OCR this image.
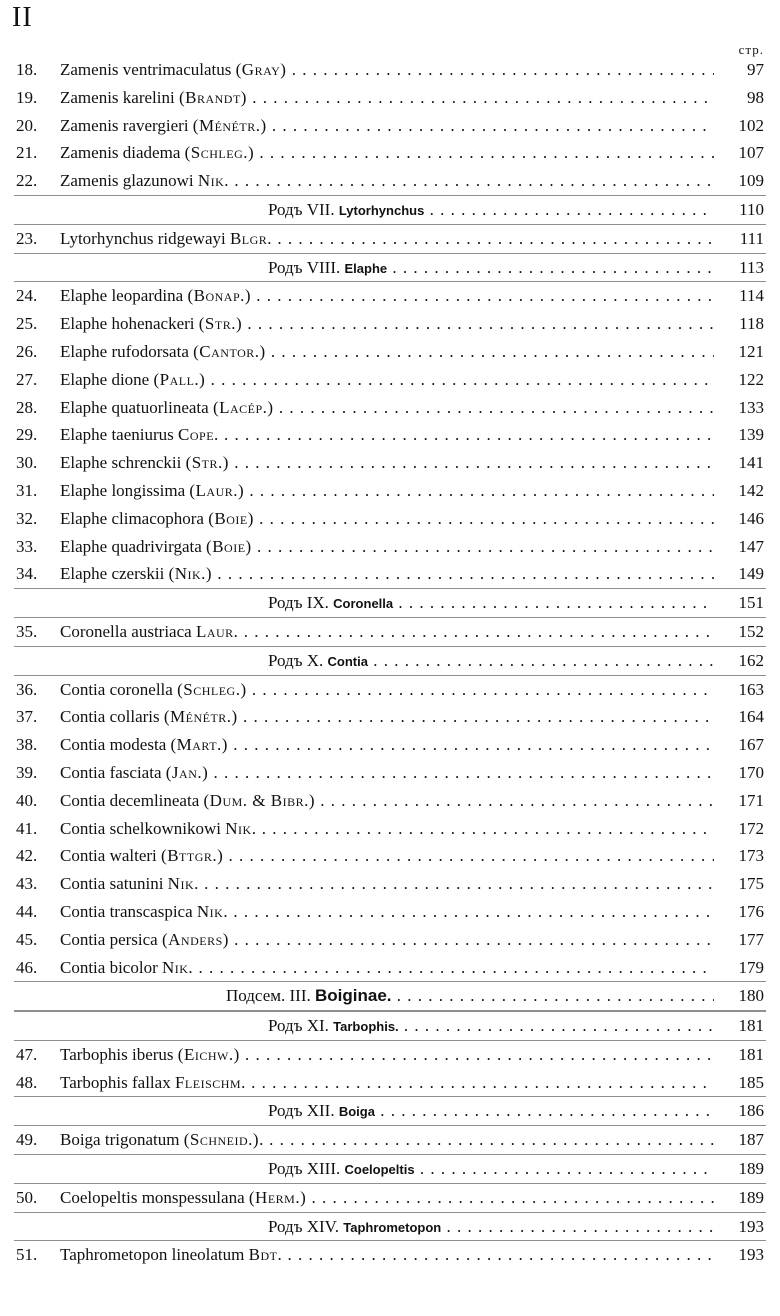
II
стр.
18. Zamenis ventrimaculatus (Gray) . . .	97
19. Zamenis karelini (Brandt) . . .	98
20. Zamenis ravergieri (Ménétr.) . . .	102
21. Zamenis diadema (Schleg.) . . .	107
22. Zamenis glazunowi Nik. . . .	109
Родъ VII. Lytorhynchus . . .	110
23. Lytorhynchus ridgewayi Blgr. . . .	111
Родъ VIII. Elaphe . . .	113
24. Elaphe leopardina (Bonap.) . . .	114
25. Elaphe hohenackeri (Str.) . . .	118
26. Elaphe rufodorsata (Cantor.) . . .	121
27. Elaphe dione (Pall.) . . .	122
28. Elaphe quatuorlineata (Lacép.) . . .	133
29. Elaphe taeniurus Cope. . . .	139
30. Elaphe schrenckii (Str.) . . .	141
31. Elaphe longissima (Laur.) . . .	142
32. Elaphe climacophora (Boie) . . .	146
33. Elaphe quadrivirgata (Boie) . . .	147
34. Elaphe czerskii (Nik.) . . .	149
Родъ IX. Coronella . . .	151
35. Coronella austriaca Laur. . . .	152
Родъ X. Contia . . .	162
36. Contia coronella (Schleg.) . . .	163
37. Contia collaris (Ménétr.) . . .	164
38. Contia modesta (Mart.) . . .	167
39. Contia fasciata (Jan.) . . .	170
40. Contia decemlineata (Dum. & Bibr.) . . .	171
41. Contia schelkownikowi Nik. . . .	172
42. Contia walteri (Bttgr.) . . .	173
43. Contia satunini Nik. . . .	175
44. Contia transcaspica Nik. . . .	176
45. Contia persica (Anders) . . .	177
46. Contia bicolor Nik. . . .	179
Подсем. III. Boiginae. . . .	180
Родъ XI. Tarbophis. . . .	181
47. Tarbophis iberus (Eichw.) . . .	181
48. Tarbophis fallax Fleischm. . . .	185
Родъ XII. Boiga . . .	186
49. Boiga trigonatum (Schneid.). . . .	187
Родъ XIII. Coelopeltis . . .	189
50. Coelopeltis monspessulana (Herm.) . . .	189
Родъ XIV. Taphrometopon . . .	193
51. Taphrometopon lineolatum Bdt. . . .	193
